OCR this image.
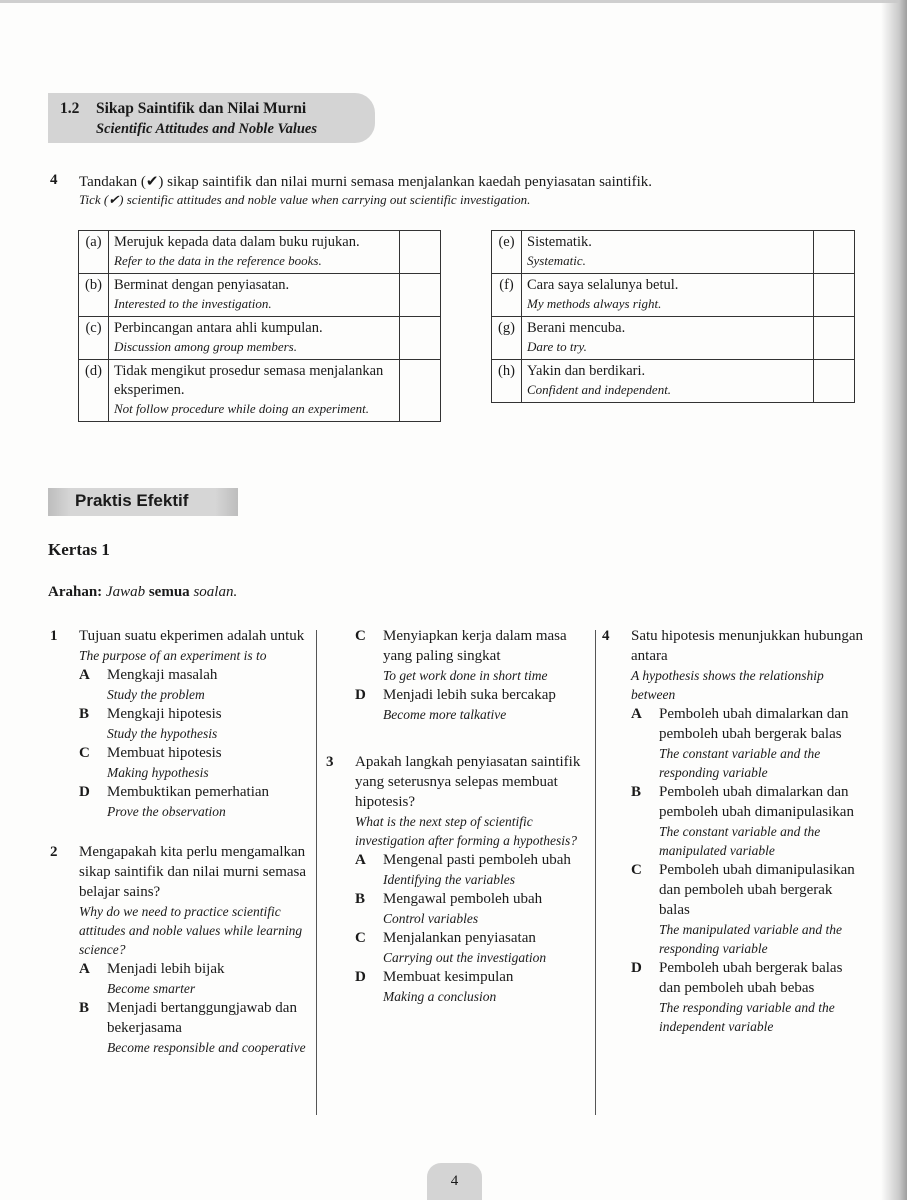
1.2 Sikap Saintifik dan Nilai Murni
Scientific Attitudes and Noble Values
4 Tandakan (✔) sikap saintifik dan nilai murni semasa menjalankan kaedah penyiasatan saintifik.
Tick (✔) scientific attitudes and noble value when carrying out scientific investigation.
(a)	Merujuk kepada data dalam buku rujukan.
Refer to the data in the reference books.	

(b)	Berminat dengan penyiasatan.
Interested to the investigation.	

(c)	Perbincangan antara ahli kumpulan.
Discussion among group members.	

(d)	Tidak mengikut prosedur semasa menjalankan eksperimen.
Not follow procedure while doing an experiment.	

(e)	Sistematik.
Systematic.	

(f)	Cara saya selalunya betul.
My methods always right.	

(g)	Berani mencuba.
Dare to try.	

(h)	Yakin dan berdikari.
Confident and independent.	

Praktis Efektif
Kertas 1
Arahan: Jawab semua soalan.
1	Tujuan suatu ekperimen adalah untuk
The purpose of an experiment is to
A Mengkaji masalah
Study the problem
B Mengkaji hipotesis
Study the hypothesis
C Membuat hipotesis
Making hypothesis
D Membuktikan pemerhatian
Prove the observation
2	Mengapakah kita perlu mengamalkan sikap saintifik dan nilai murni semasa belajar sains?
Why do we need to practice scientific attitudes and noble values while learning science?
A Menjadi lebih bijak
Become smarter
B Menjadi bertanggungjawab dan bekerjasama
Become responsible and cooperative
C Menyiapkan kerja dalam masa yang paling singkat
To get work done in short time
D Menjadi lebih suka bercakap
Become more talkative
3	Apakah langkah penyiasatan saintifik yang seterusnya selepas membuat hipotesis?
What is the next step of scientific investigation after forming a hypothesis?
A Mengenal pasti pemboleh ubah
Identifying the variables
B Mengawal pemboleh ubah
Control variables
C Menjalankan penyiasatan
Carrying out the investigation
D Membuat kesimpulan
Making a conclusion
4	Satu hipotesis menunjukkan hubungan antara
A hypothesis shows the relationship between
A Pemboleh ubah dimalarkan dan pemboleh ubah bergerak balas
The constant variable and the responding variable
B Pemboleh ubah dimalarkan dan pemboleh ubah dimanipulasikan
The constant variable and the manipulated variable
C Pemboleh ubah dimanipulasikan dan pemboleh ubah bergerak balas
The manipulated variable and the responding variable
D Pemboleh ubah bergerak balas dan pemboleh ubah bebas
The responding variable and the independent variable
4
